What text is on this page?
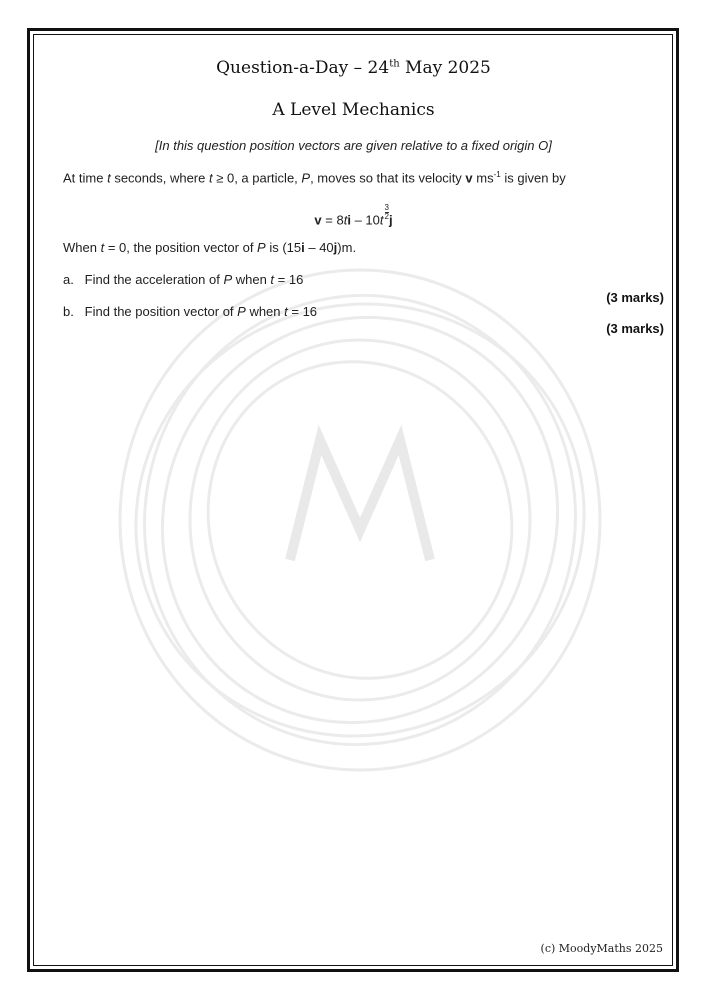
Question-a-Day – 24th May 2025
A Level Mechanics
[In this question position vectors are given relative to a fixed origin O]
At time t seconds, where t ≥ 0, a particle, P, moves so that its velocity v $ms^{-1}$ is given by
$v = 8ti - 10t \frac{3}{2}$ j
When t = 0, the position vector of P is (15i – 40j)m.
a.   Find the acceleration of P when t = 16
(3 marks)
b.   Find the position vector of P when t = 16
(3 marks)
(c) MoodyMaths 2025
